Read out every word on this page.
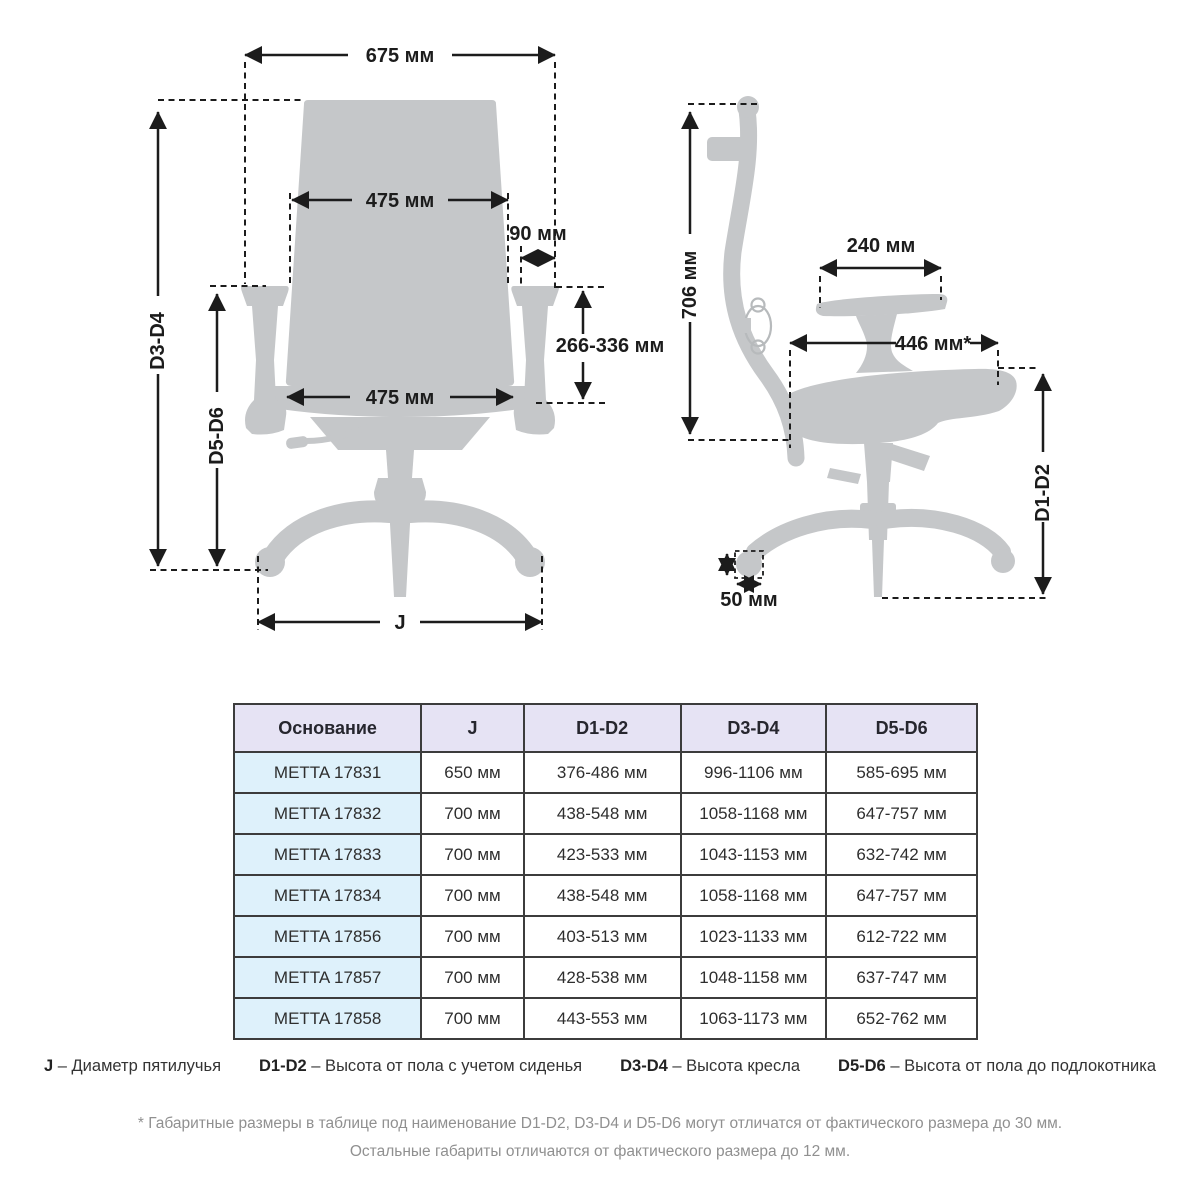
675 мм
475 мм
90 мм
266-336 мм
475 мм
D3-D4
D5-D6
J
706 мм
240 мм
446 мм*
D1-D2
50 мм
Основание	J	D1-D2	D3-D4	D5-D6
METTA 17831	650 мм	376-486 мм	996-1106 мм	585-695 мм
METTA 17832	700 мм	438-548 мм	1058-1168 мм	647-757 мм
METTA 17833	700 мм	423-533 мм	1043-1153 мм	632-742 мм
METTA 17834	700 мм	438-548 мм	1058-1168 мм	647-757 мм
METTA 17856	700 мм	403-513 мм	1023-1133 мм	612-722 мм
METTA 17857	700 мм	428-538 мм	1048-1158 мм	637-747 мм
METTA 17858	700 мм	443-553 мм	1063-1173 мм	652-762 мм
J – Диаметр пятилучья D1-D2 – Высота от пола с учетом сиденья D3-D4 – Высота кресла D5-D6 – Высота от пола до подлокотника
* Габаритные размеры в таблице под наименование D1-D2, D3-D4 и D5-D6 могут отличатся от фактического размера до 30 мм.
Остальные габариты отличаются от фактического размера до 12 мм.
